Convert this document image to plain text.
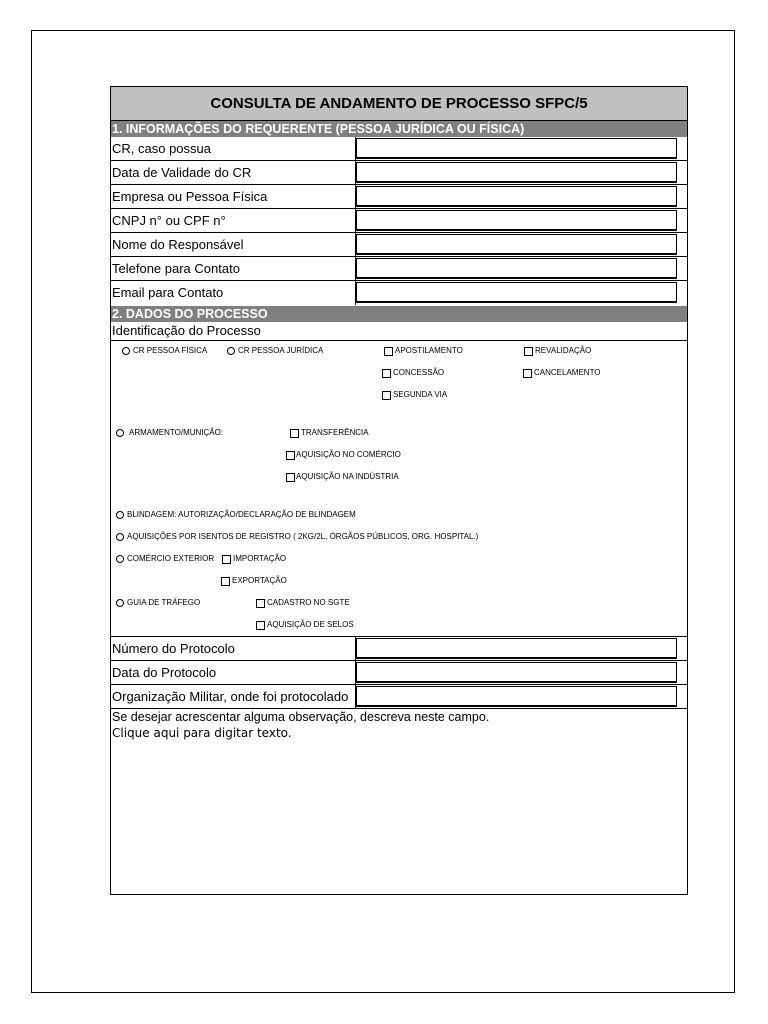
CONSULTA DE ANDAMENTO DE PROCESSO SFPC/5
1. INFORMAÇÕES DO REQUERENTE (PESSOA JURÍDICA OU FÍSICA)
CR, caso possua
Data de Validade do CR
Empresa ou Pessoa Física
CNPJ n° ou CPF n°
Nome do Responsável
Telefone para Contato
Email para Contato
2. DADOS DO PROCESSO
Identificação do Processo
CR PESSOA FÍSICA	CR PESSOA JURÍDICA	APOSTILAMENTO	REVALIDAÇÃO
CONCESSÃO	CANCELAMENTO
SEGUNDA VIA
ARMAMENTO/MUNIÇÃO:	TRANSFERÊNCIA
AQUISIÇÃO NO COMÉRCIO
AQUISIÇÃO NA INDÚSTRIA
BLINDAGEM: AUTORIZAÇÃO/DECLARAÇÃO DE BLINDAGEM
AQUISIÇÕES POR ISENTOS DE REGISTRO ( 2KG/2L, ÓRGÃOS PÚBLICOS, ORG. HOSPITAL.)
COMÉRCIO EXTERIOR IMPORTAÇÃO
EXPORTAÇÃO
GUIA DE TRÁFEGO	CADASTRO NO SGTE
AQUISIÇÃO DE SELOS
Número do Protocolo
Data do Protocolo
Organização Militar, onde foi protocolado
Se desejar acrescentar alguma observação, descreva neste campo.
Clique aqui para digitar texto.
